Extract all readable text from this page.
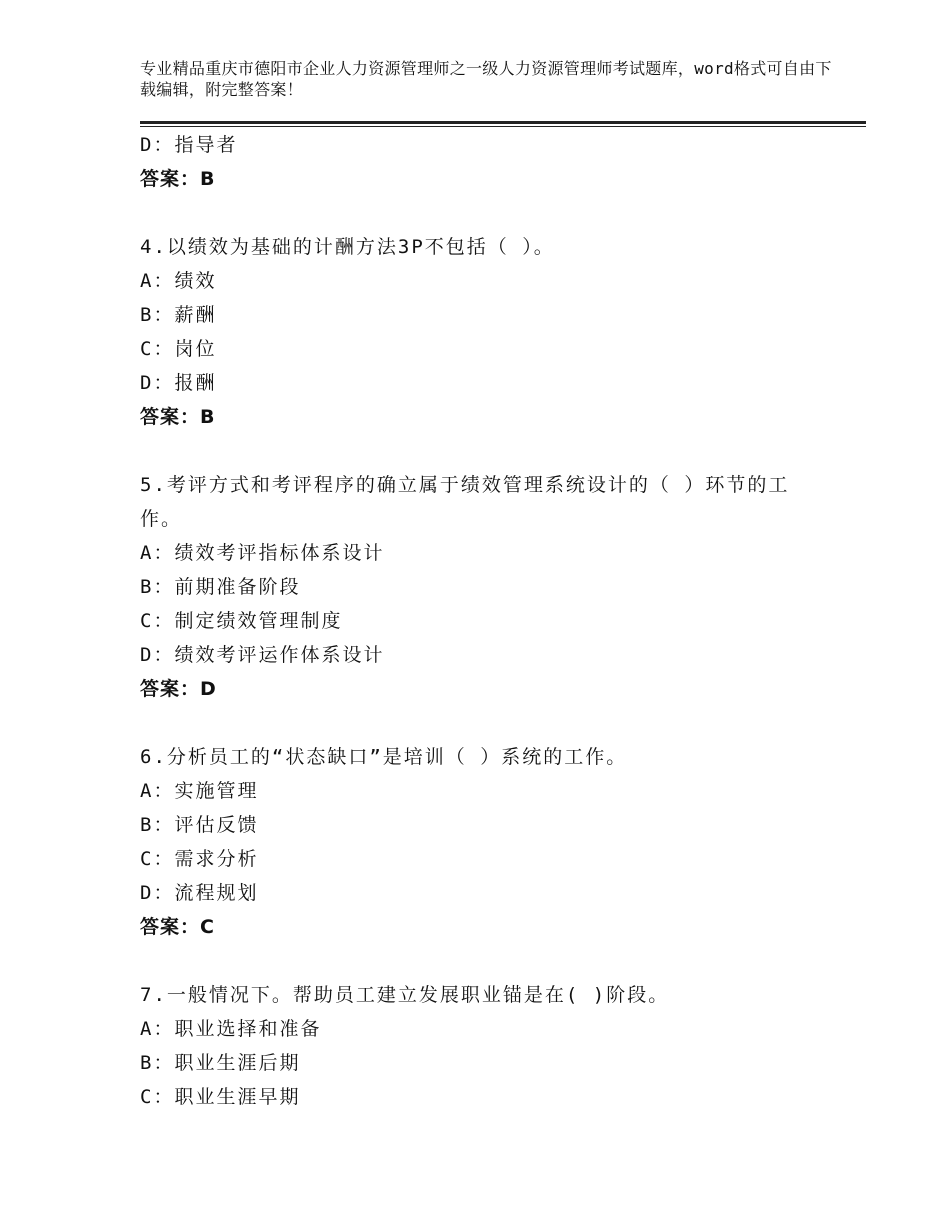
专业精品重庆市德阳市企业人力资源管理师之一级人力资源管理师考试题库，word格式可自由下载编辑，附完整答案！
D：指导者
答案：B
4.以绩效为基础的计酬方法3P不包括（ ）。
A：绩效
B：薪酬
C：岗位
D：报酬
答案：B
5.考评方式和考评程序的确立属于绩效管理系统设计的（ ）环节的工作。
A：绩效考评指标体系设计
B：前期准备阶段
C：制定绩效管理制度
D：绩效考评运作体系设计
答案：D
6.分析员工的“状态缺口”是培训（ ）系统的工作。
A：实施管理
B：评估反馈
C：需求分析
D：流程规划
答案：C
7.一般情况下。帮助员工建立发展职业锚是在( )阶段。
A：职业选择和准备
B：职业生涯后期
C：职业生涯早期
